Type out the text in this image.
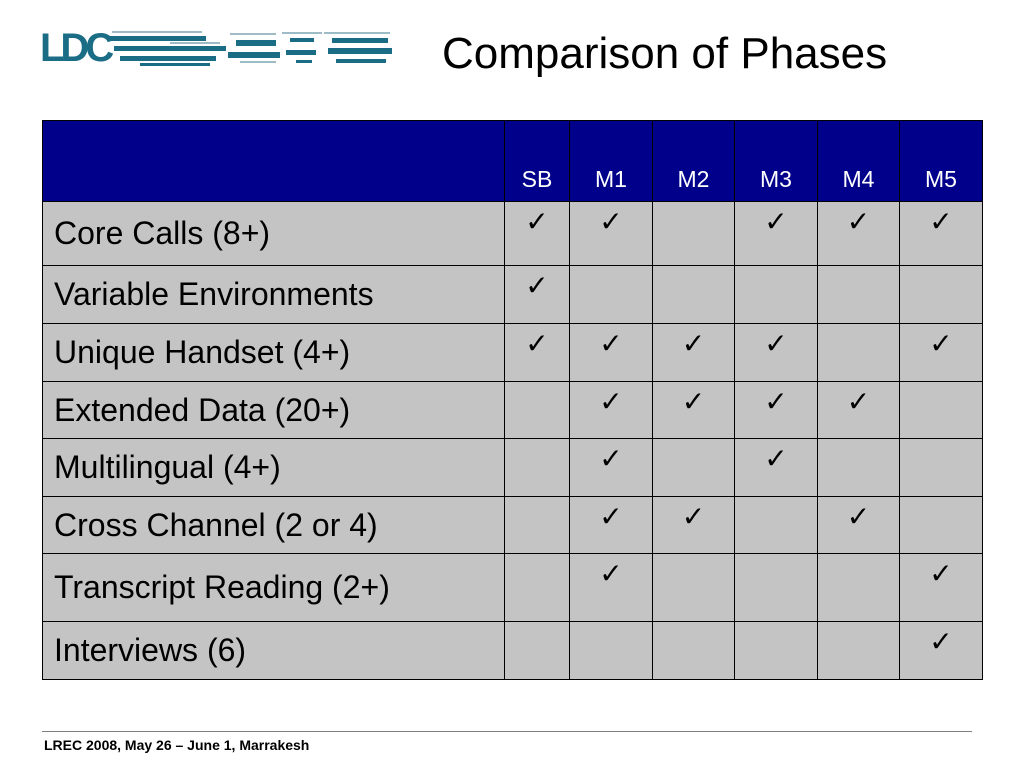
LDC	Comparison of Phases
	SB	M1	M2	M3	M4	M5
Core Calls (8+)	✓	✓		✓	✓	✓
Variable Environments	✓					
Unique Handset (4+)	✓	✓	✓	✓		✓
Extended Data (20+)		✓	✓	✓	✓	
Multilingual (4+)		✓		✓		
Cross Channel (2 or 4)		✓	✓		✓	
Transcript Reading (2+)		✓				✓
Interviews (6)						✓
LREC 2008, May 26 – June 1, Marrakesh
